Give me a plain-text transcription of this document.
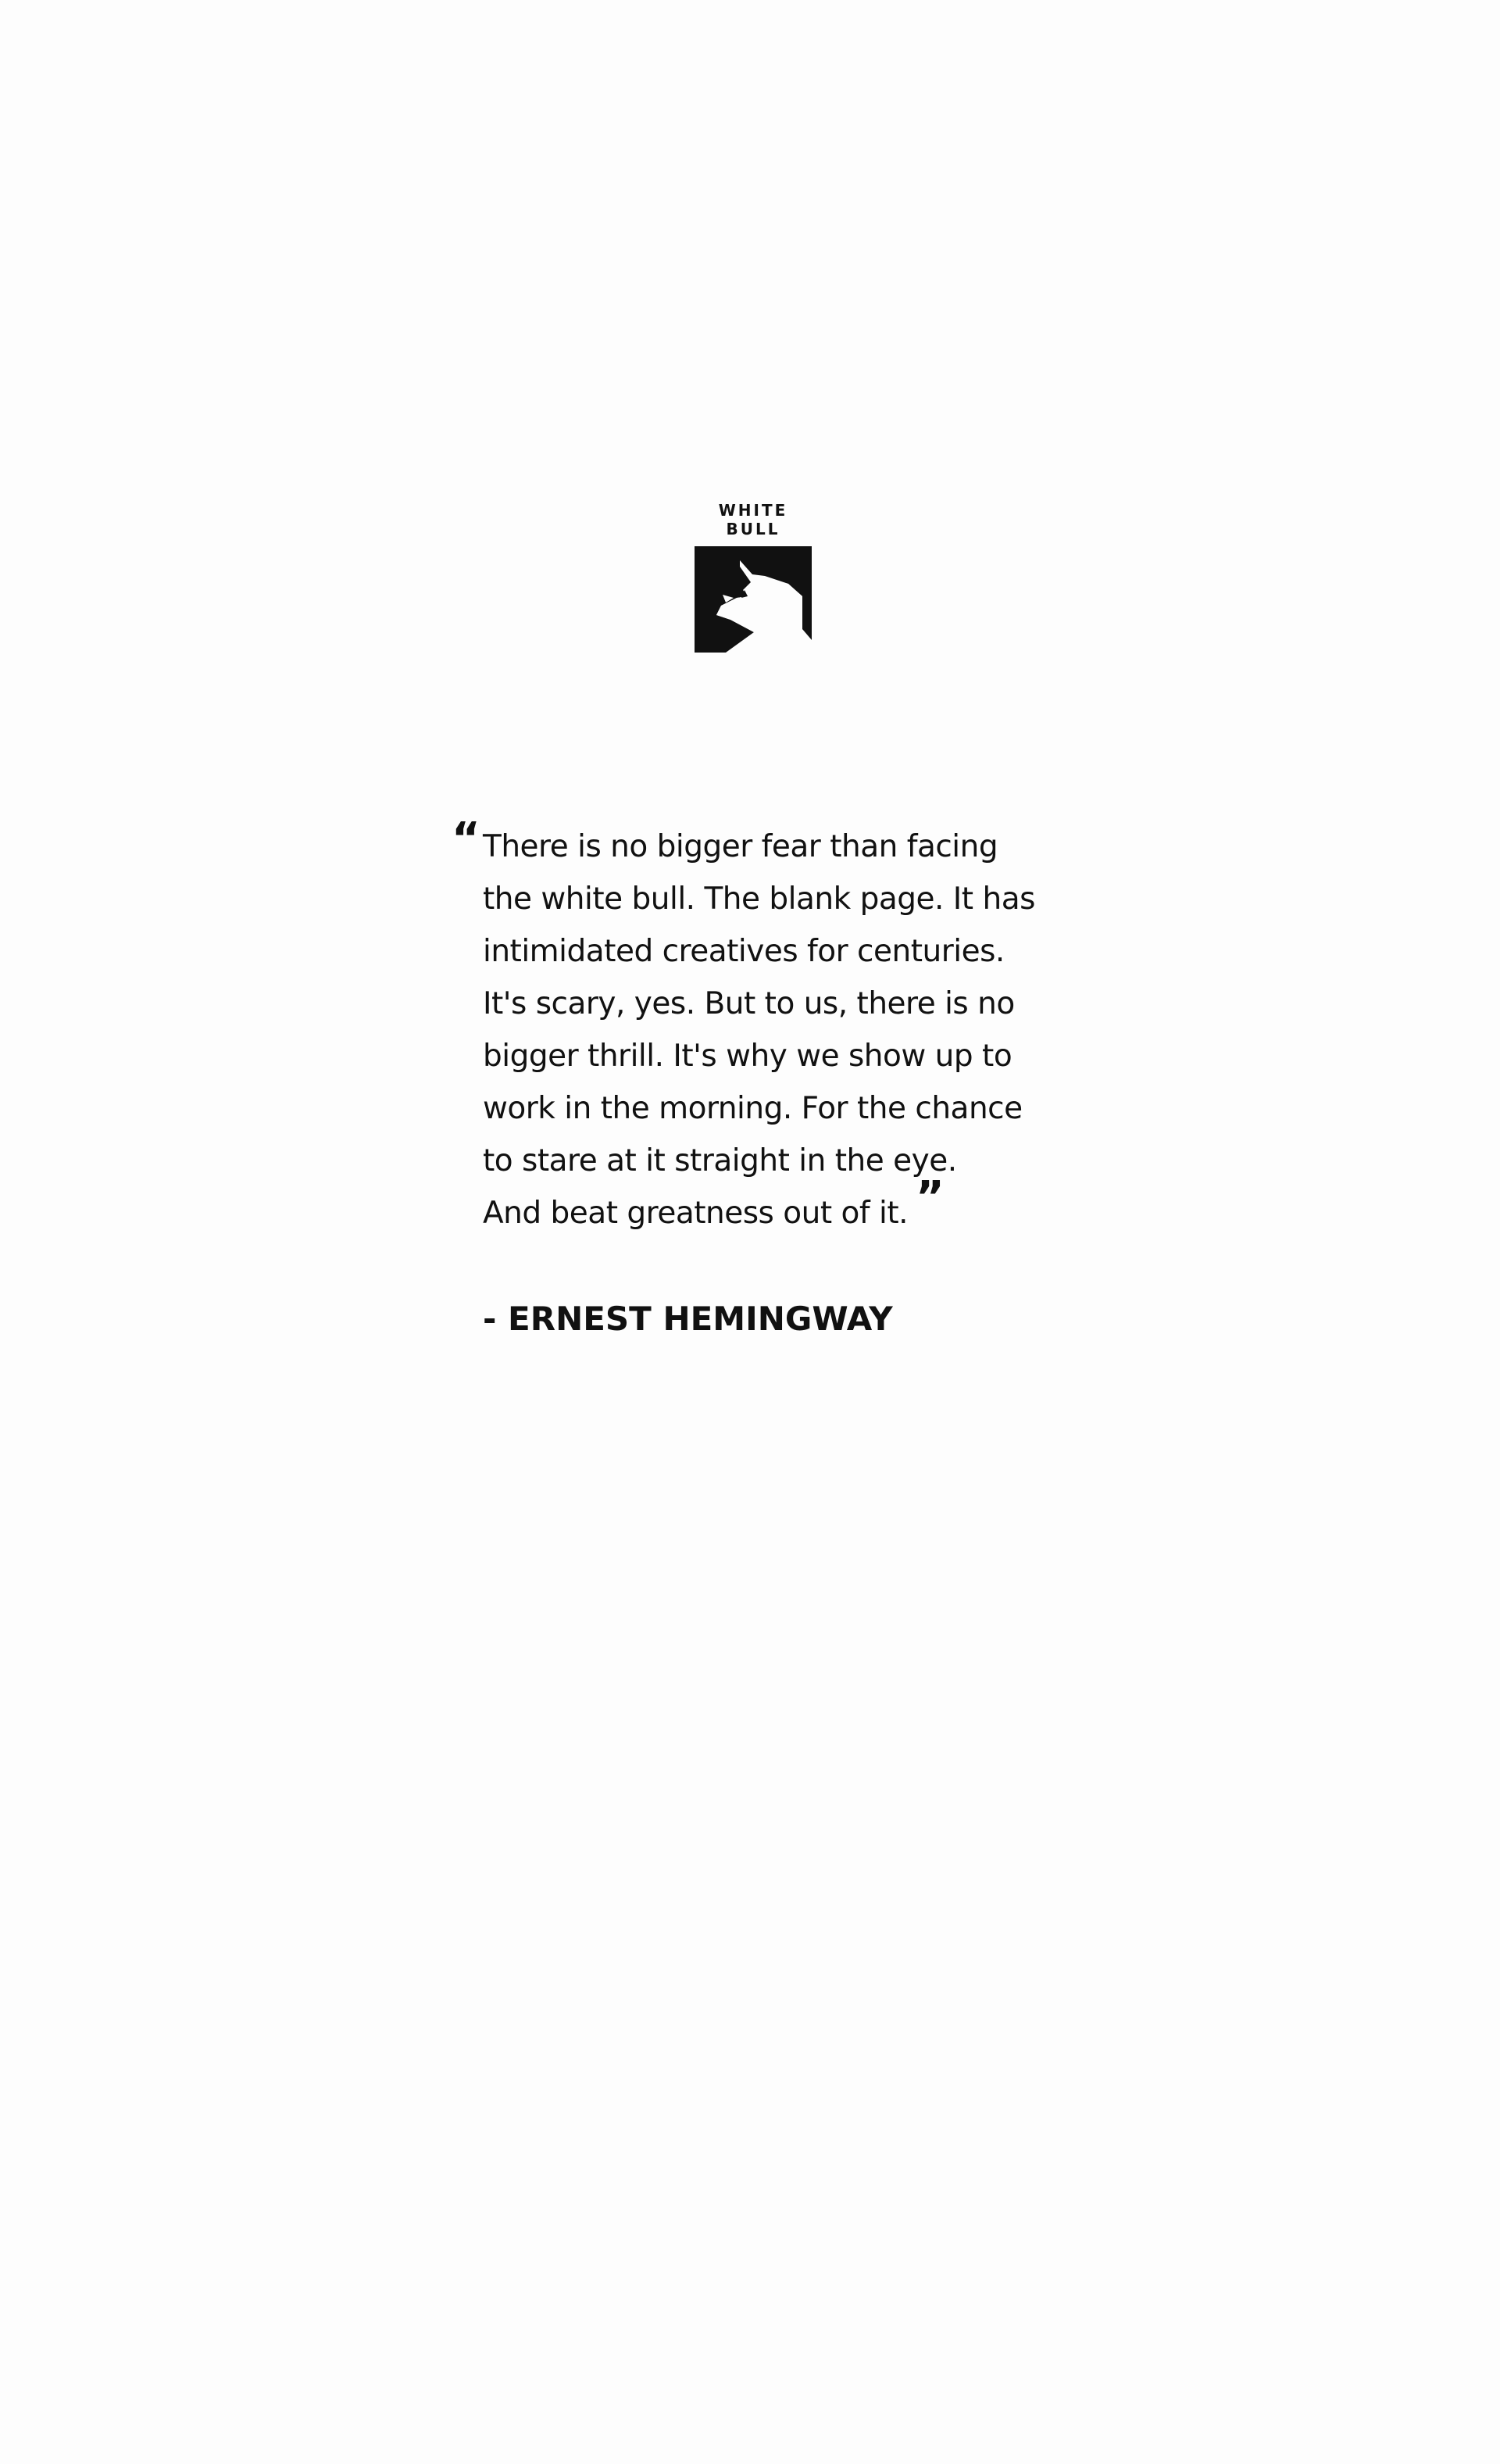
WHITE BULL

“ There is no bigger fear than facing
the white bull. The blank page. It has
intimidated creatives for centuries.
It's scary, yes. But to us, there is no
bigger thrill. It's why we show up to
work in the morning. For the chance
to stare at it straight in the eye.
And beat greatness out of it. ”
- ERNEST HEMINGWAY
